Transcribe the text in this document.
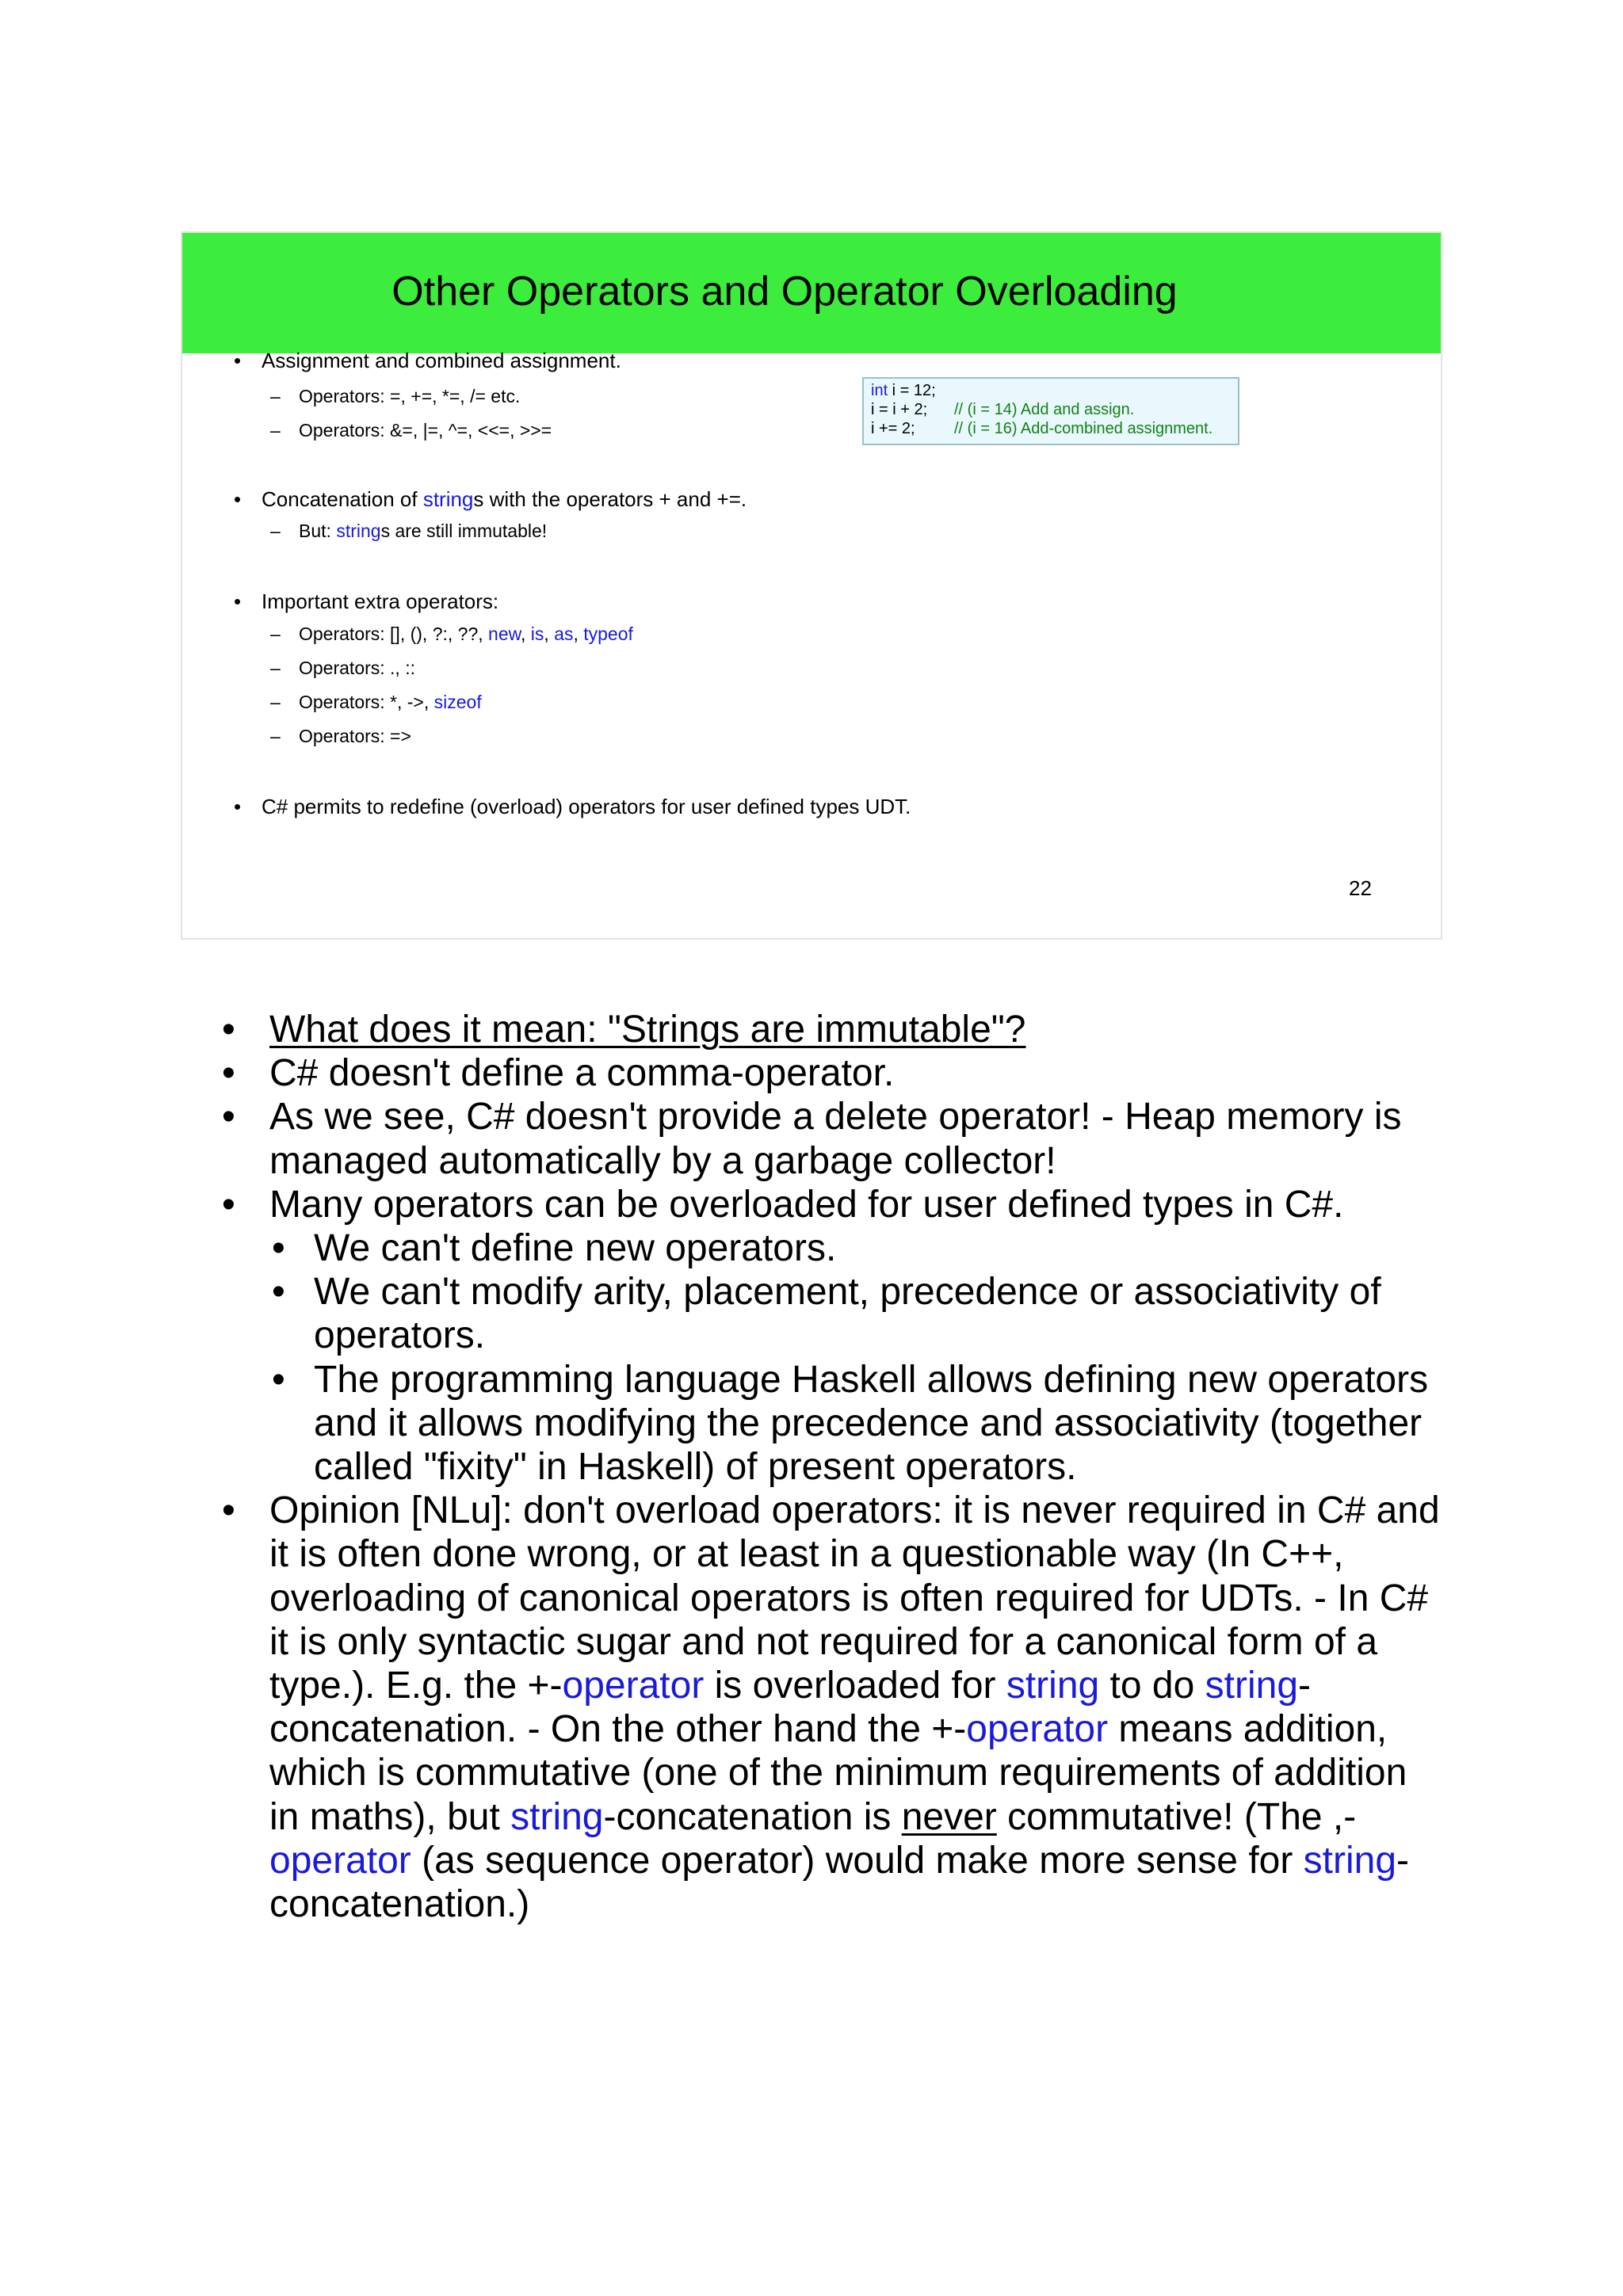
Other Operators and Operator Overloading
• Assignment and combined assignment.
– Operators: =, +=, *=, /= etc.
– Operators: &=, |=, ^=, <<=, >>=
int i = 12;
i = i + 2; // (i = 14) Add and assign.
i += 2; // (i = 16) Add-combined assignment.
• Concatenation of strings with the operators + and +=.
– But: strings are still immutable!
• Important extra operators:
– Operators: [], (), ?:, ??, new, is, as, typeof
– Operators: ., ::
– Operators: *, ->, sizeof
– Operators: =>
• C# permits to redefine (overload) operators for user defined types UDT.
22
• What does it mean: "Strings are immutable"?
• C# doesn't define a comma-operator.
• As we see, C# doesn't provide a delete operator! - Heap memory is managed automatically by a garbage collector!
• Many operators can be overloaded for user defined types in C#.
• We can't define new operators.
• We can't modify arity, placement, precedence or associativity of operators.
• The programming language Haskell allows defining new operators and it allows modifying the precedence and associativity (together called "fixity" in Haskell) of present operators.
• Opinion [NLu]: don't overload operators: it is never required in C# and it is often done wrong, or at least in a questionable way (In C++, overloading of canonical operators is often required for UDTs. - In C# it is only syntactic sugar and not required for a canonical form of a type.). E.g. the +-operator is overloaded for string to do string-concatenation. - On the other hand the +-operator means addition, which is commutative (one of the minimum requirements of addition in maths), but string-concatenation is never commutative! (The ,-operator (as sequence operator) would make more sense for string-concatenation.)
